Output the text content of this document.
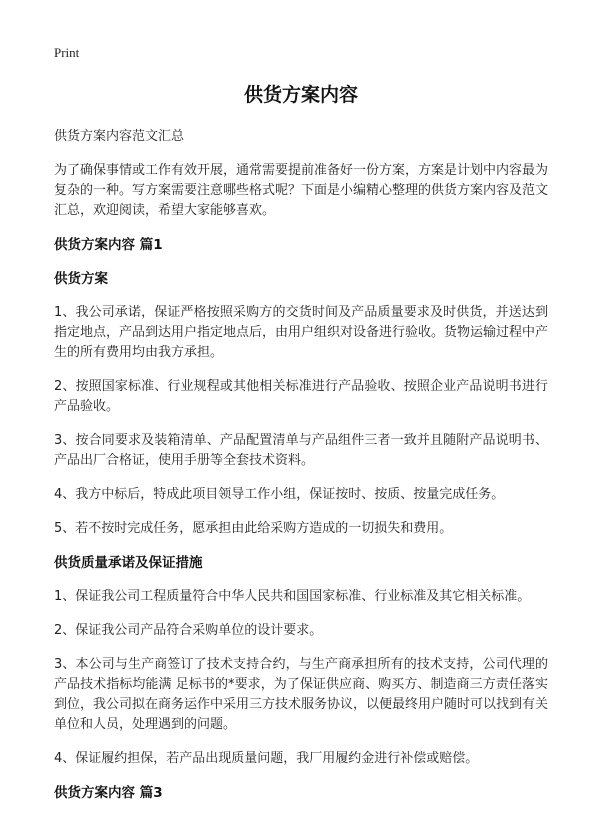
Print
供货方案内容
供货方案内容范文汇总
为了确保事情或工作有效开展，通常需要提前准备好一份方案，方案是计划中内容最为复杂的一种。写方案需要注意哪些格式呢？下面是小编精心整理的供货方案内容及范文汇总，欢迎阅读，希望大家能够喜欢。
供货方案内容 篇1
供货方案
1、我公司承诺，保证严格按照采购方的交货时间及产品质量要求及时供货，并送达到指定地点，产品到达用户指定地点后，由用户组织对设备进行验收。货物运输过程中产生的所有费用均由我方承担。
2、按照国家标准、行业规程或其他相关标准进行产品验收、按照企业产品说明书进行产品验收。
3、按合同要求及装箱清单、产品配置清单与产品组件三者一致并且随附产品说明书、产品出厂合格证，使用手册等全套技术资料。
4、我方中标后，特成此项目领导工作小组，保证按时、按质、按量完成任务。
5、若不按时完成任务，愿承担由此给采购方造成的一切损失和费用。
供货质量承诺及保证措施
1、保证我公司工程质量符合中华人民共和国国家标准、行业标准及其它相关标准。
2、保证我公司产品符合采购单位的设计要求。
3、本公司与生产商签订了技术支持合约，与生产商承担所有的技术支持，公司代理的产品技术指标均能满 足标书的*要求，为了保证供应商、购买方、制造商三方责任落实到位，我公司拟在商务运作中采用三方技术服务协议，以便最终用户随时可以找到有关单位和人员，处理遇到的问题。
4、保证履约担保，若产品出现质量问题，我厂用履约金进行补偿或赔偿。
供货方案内容 篇3
